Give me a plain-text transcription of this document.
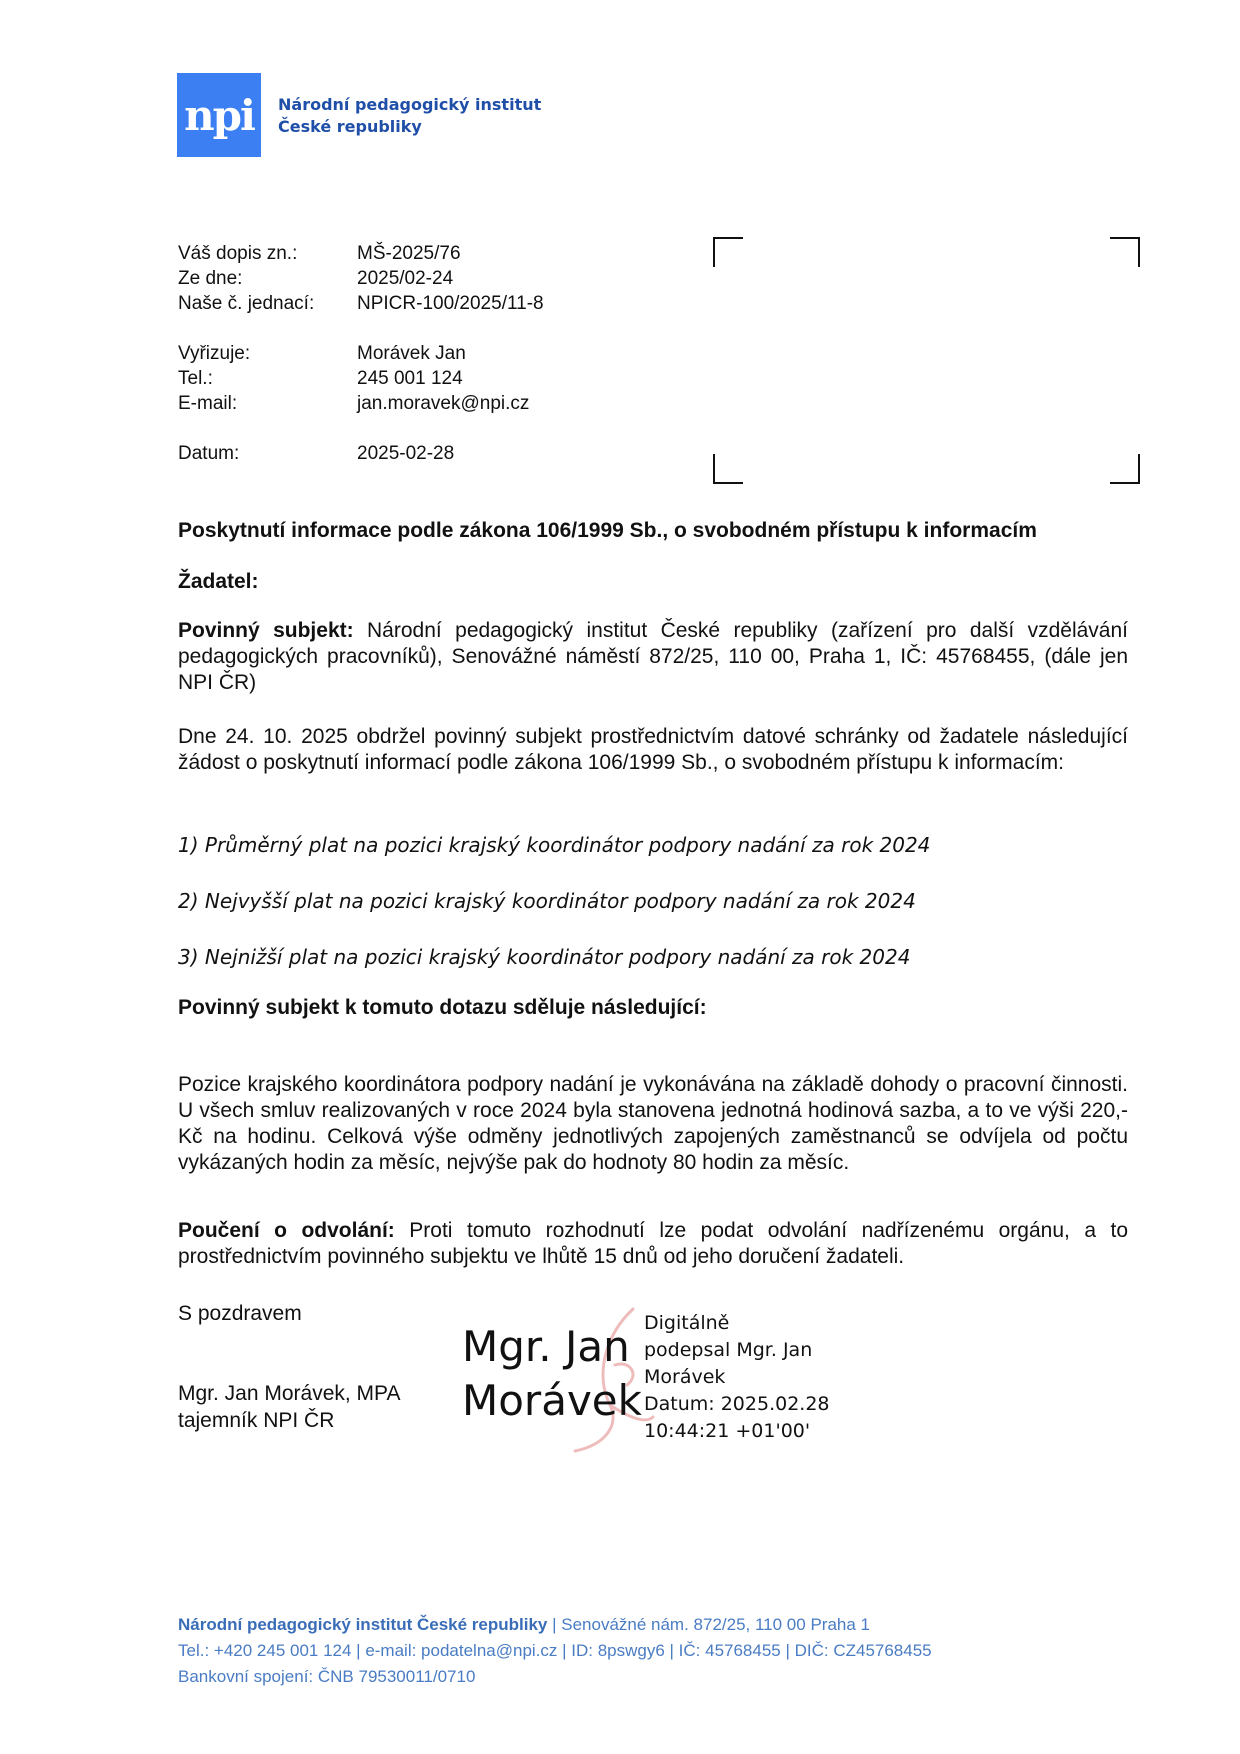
npi Národní pedagogický institut
České republiky
Váš dopis zn.:	MŠ-2025/76
Ze dne:	2025/02-24
Naše č. jednací: NPICR-100/2025/11-8
Vyřizuje:	Morávek Jan
Tel.:	245 001 124
E-mail:	jan.moravek@npi.cz
Datum:	2025-02-28
Poskytnutí informace podle zákona 106/1999 Sb., o svobodném přístupu k informacím
Žadatel:
Povinný subjekt: Národní pedagogický institut České republiky (zařízení pro další vzdělávání pedagogických pracovníků), Senovážné náměstí 872/25, 110 00, Praha 1, IČ: 45768455, (dále jen NPI ČR)
Dne 24. 10. 2025 obdržel povinný subjekt prostřednictvím datové schránky od žadatele následující žádost o poskytnutí informací podle zákona 106/1999 Sb., o svobodném přístupu k informacím:
1) Průměrný plat na pozici krajský koordinátor podpory nadání za rok 2024
2) Nejvyšší plat na pozici krajský koordinátor podpory nadání za rok 2024
3) Nejnižší plat na pozici krajský koordinátor podpory nadání za rok 2024
Povinný subjekt k tomuto dotazu sděluje následující:
Pozice krajského koordinátora podpory nadání je vykonávána na základě dohody o pracovní činnosti. U všech smluv realizovaných v roce 2024 byla stanovena jednotná hodinová sazba, a to ve výši 220,- Kč na hodinu. Celková výše odměny jednotlivých zapojených zaměstnanců se odvíjela od počtu vykázaných hodin za měsíc, nejvýše pak do hodnoty 80 hodin za měsíc.
Poučení o odvolání: Proti tomuto rozhodnutí lze podat odvolání nadřízenému orgánu, a to prostřednictvím povinného subjektu ve lhůtě 15 dnů od jeho doručení žadateli.
S pozdravem
Mgr. Jan Morávek, MPA
tajemník NPI ČR
Mgr. Jan
Morávek
Digitálně
podepsal Mgr. Jan
Morávek
Datum: 2025.02.28
10:44:21 +01'00'
Národní pedagogický institut České republiky | Senovážné nám. 872/25, 110 00 Praha 1
Tel.: +420 245 001 124 | e-mail: podatelna@npi.cz | ID: 8pswgy6 | IČ: 45768455 | DIČ: CZ45768455
Bankovní spojení: ČNB 79530011/0710
